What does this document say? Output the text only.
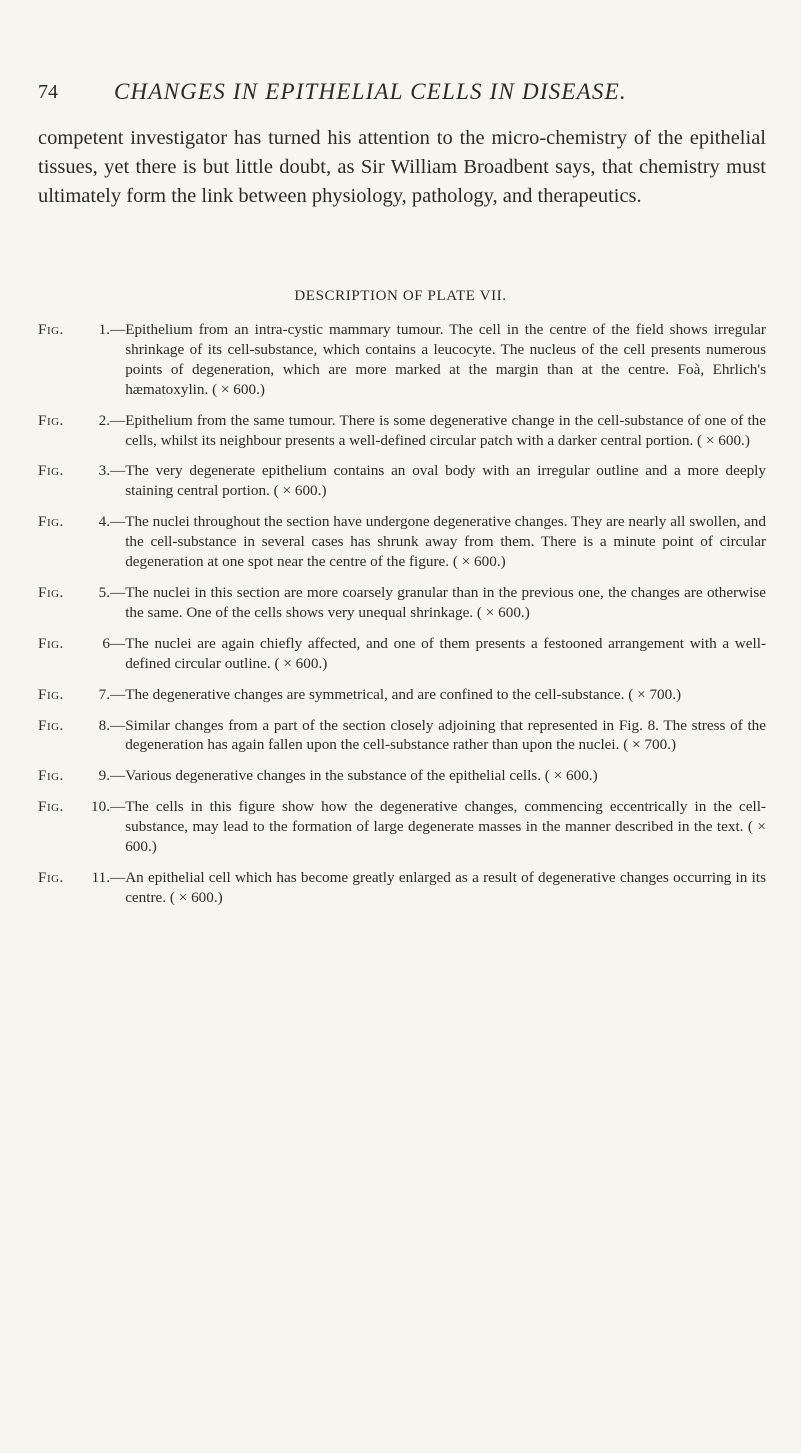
74 CHANGES IN EPITHELIAL CELLS IN DISEASE.

competent investigator has turned his attention to the micro-chemistry of the epithelial tissues, yet there is but little doubt, as Sir William Broadbent says, that chemistry must ultimately form the link between physiology, pathology, and therapeutics.

DESCRIPTION OF PLATE VII.
Fig.	1. — Epithelium from an intra-cystic mammary tumour. The cell in the centre of the field shows irregular shrinkage of its cell-substance, which contains a leucocyte. The nucleus of the cell presents numerous points of degeneration, which are more marked at the margin than at the centre. Foà, Ehrlich's hæmatoxylin. ( × 600.)
Fig.	2. — Epithelium from the same tumour. There is some degenerative change in the cell-substance of one of the cells, whilst its neighbour presents a well-defined circular patch with a darker central portion. ( × 600.)
Fig.	3. — The very degenerate epithelium contains an oval body with an irregular outline and a more deeply staining central portion. ( × 600.)
Fig.	4. — The nuclei throughout the section have undergone degenerative changes. They are nearly all swollen, and the cell-substance in several cases has shrunk away from them. There is a minute point of circular degeneration at one spot near the centre of the figure. ( × 600.)
Fig.	5. — The nuclei in this section are more coarsely granular than in the previous one, the changes are otherwise the same. One of the cells shows very unequal shrinkage. ( × 600.)
Fig.	6 — The nuclei are again chiefly affected, and one of them presents a festooned arrangement with a well-defined circular outline. ( × 600.)
Fig.	7. — The degenerative changes are symmetrical, and are confined to the cell-substance. ( × 700.)
Fig.	8. — Similar changes from a part of the section closely adjoining that represented in Fig. 8. The stress of the degeneration has again fallen upon the cell-substance rather than upon the nuclei. ( × 700.)
Fig.	9. — Various degenerative changes in the substance of the epithelial cells. ( × 600.)
Fig.	10. — The cells in this figure show how the degenerative changes, commencing eccentrically in the cell-substance, may lead to the formation of large degenerate masses in the manner described in the text. ( × 600.)
Fig.	11. — An epithelial cell which has become greatly enlarged as a result of degenerative changes occurring in its centre. ( × 600.)
